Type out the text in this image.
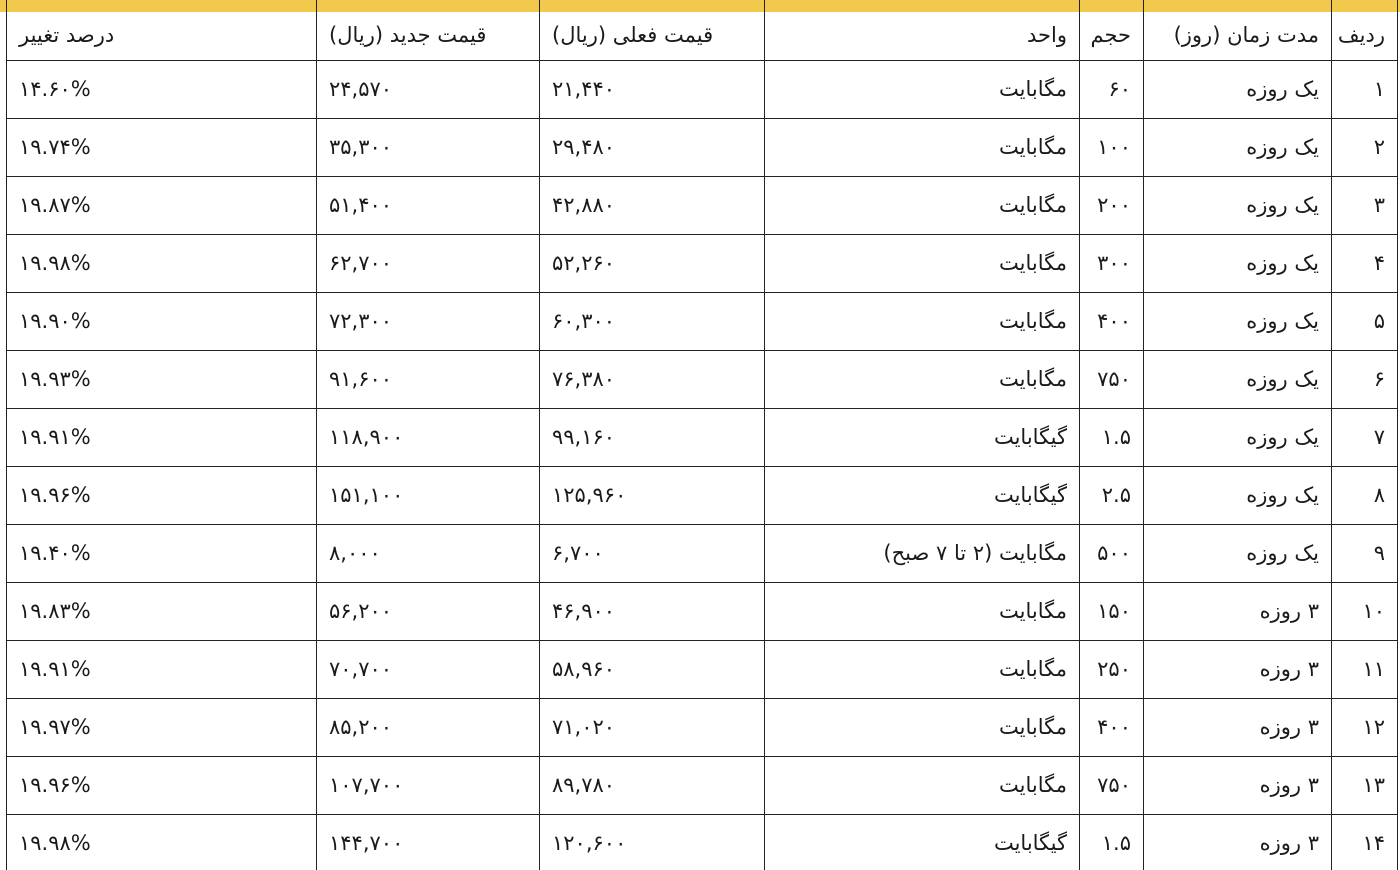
ردیف	مدت زمان (روز)	حجم	واحد	قیمت فعلی (ریال)	قیمت جدید (ریال)	درصد تغییر
۱	یک روزه	۶۰	مگابایت	۲۱,۴۴۰	۲۴,۵۷۰	۱۴.۶۰%
۲	یک روزه	۱۰۰	مگابایت	۲۹,۴۸۰	۳۵,۳۰۰	۱۹.۷۴%
۳	یک روزه	۲۰۰	مگابایت	۴۲,۸۸۰	۵۱,۴۰۰	۱۹.۸۷%
۴	یک روزه	۳۰۰	مگابایت	۵۲,۲۶۰	۶۲,۷۰۰	۱۹.۹۸%
۵	یک روزه	۴۰۰	مگابایت	۶۰,۳۰۰	۷۲,۳۰۰	۱۹.۹۰%
۶	یک روزه	۷۵۰	مگابایت	۷۶,۳۸۰	۹۱,۶۰۰	۱۹.۹۳%
۷	یک روزه	۱.۵	گیگابایت	۹۹,۱۶۰	۱۱۸,۹۰۰	۱۹.۹۱%
۸	یک روزه	۲.۵	گیگابایت	۱۲۵,۹۶۰	۱۵۱,۱۰۰	۱۹.۹۶%
۹	یک روزه	۵۰۰	مگابایت (۲ تا ۷ صبح)	۶,۷۰۰	۸,۰۰۰	۱۹.۴۰%
۱۰	۳ روزه	۱۵۰	مگابایت	۴۶,۹۰۰	۵۶,۲۰۰	۱۹.۸۳%
۱۱	۳ روزه	۲۵۰	مگابایت	۵۸,۹۶۰	۷۰,۷۰۰	۱۹.۹۱%
۱۲	۳ روزه	۴۰۰	مگابایت	۷۱,۰۲۰	۸۵,۲۰۰	۱۹.۹۷%
۱۳	۳ روزه	۷۵۰	مگابایت	۸۹,۷۸۰	۱۰۷,۷۰۰	۱۹.۹۶%
۱۴	۳ روزه	۱.۵	گیگابایت	۱۲۰,۶۰۰	۱۴۴,۷۰۰	۱۹.۹۸%
